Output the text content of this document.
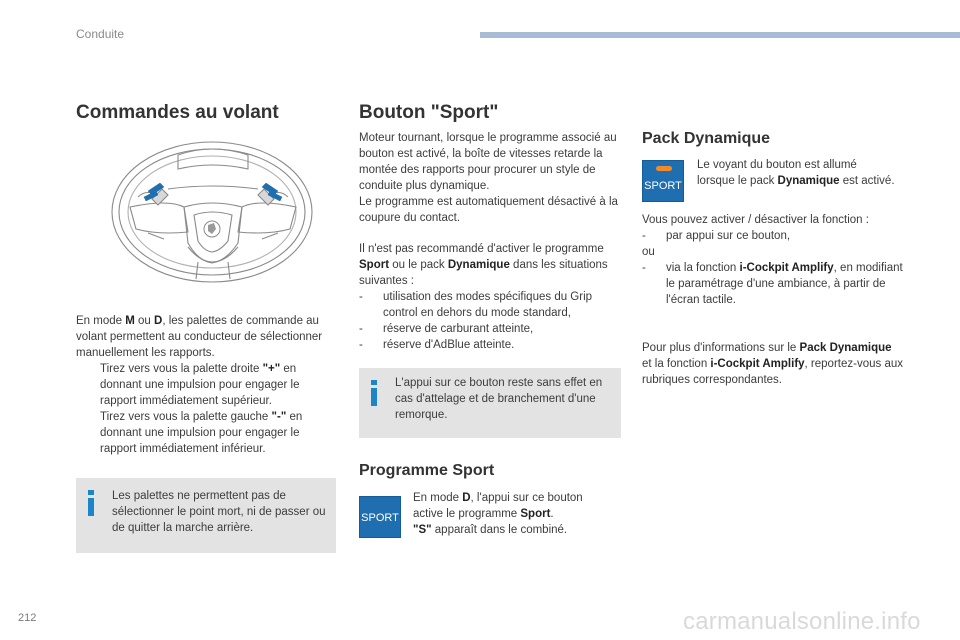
Conduite
Commandes au volant

En mode M ou D, les palettes de commande au volant permettent au conducteur de sélectionner manuellement les rapports.

Tirez vers vous la palette droite "+" en donnant une impulsion pour engager le rapport immédiatement supérieur.
Tirez vers vous la palette gauche "-" en donnant une impulsion pour engager le rapport immédiatement inférieur.
Les palettes ne permettent pas de sélectionner le point mort, ni de passer ou de quitter la marche arrière.
Bouton "Sport"

Moteur tournant, lorsque le programme associé au bouton est activé, la boîte de vitesses retarde la montée des rapports pour procurer un style de conduite plus dynamique.

Le programme est automatiquement désactivé à la coupure du contact.

Il n'est pas recommandé d'activer le programme Sport ou le pack Dynamique dans les situations suivantes :

- utilisation des modes spécifiques du Grip control en dehors du mode standard,
- réserve de carburant atteinte,
- réserve d'AdBlue atteinte.
L'appui sur ce bouton reste sans effet en cas d'attelage et de branchement d'une remorque.
Programme Sport
SPORT

En mode D, l'appui sur ce bouton active le programme Sport.

"S" apparaît dans le combiné.

Pack Dynamique
SPORT

Le voyant du bouton est allumé lorsque le pack Dynamique est activé.

Vous pouvez activer / désactiver la fonction :

- par appui sur ce bouton,

ou

- via la fonction i-Cockpit Amplify, en modifiant le paramétrage d'une ambiance, à partir de l'écran tactile.

Pour plus d'informations sur le Pack Dynamique et la fonction i-Cockpit Amplify, reportez-vous aux rubriques correspondantes.

212	carmanualsonline.info
